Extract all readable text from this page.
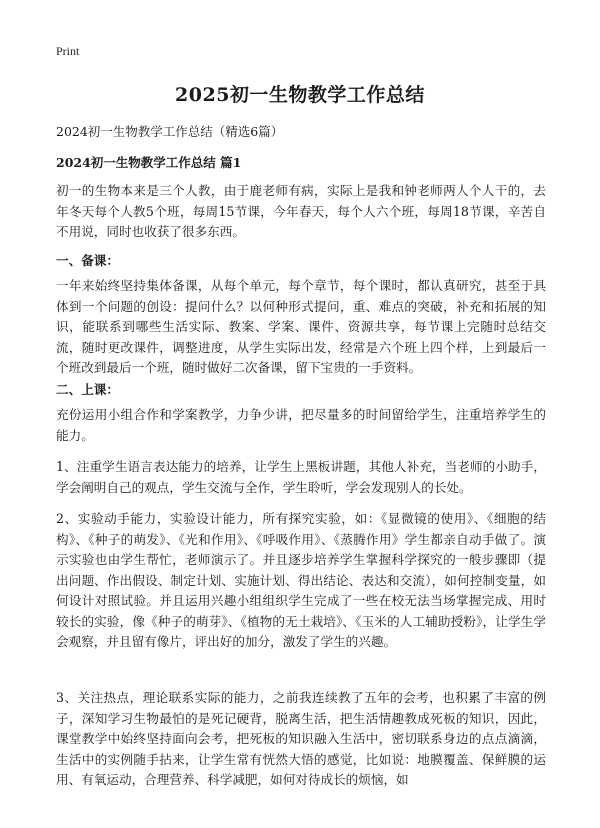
Print
2025初一生物教学工作总结
2024初一生物教学工作总结（精选6篇）
2024初一生物教学工作总结 篇1

初一的生物本来是三个人教，由于鹿老师有病，实际上是我和钟老师两人个人干的，去年冬天每个人教5个班，每周15节课，今年春天，每个人六个班，每周18节课，辛苦自不用说，同时也收获了很多东西。

一、备课：

一年来始终坚持集体备课，从每个单元，每个章节，每个课时，都认真研究，甚至于具体到一个问题的创设：提问什么？以何种形式提问，重、难点的突破，补充和拓展的知识，能联系到哪些生活实际、教案、学案、课件、资源共享，每节课上完随时总结交流，随时更改课件，调整进度，从学生实际出发，经常是六个班上四个样，上到最后一个班改到最后一个班，随时做好二次备课，留下宝贵的一手资料。

二、上课：

充份运用小组合作和学案教学，力争少讲，把尽量多的时间留给学生，注重培养学生的能力。

1、注重学生语言表达能力的培养，让学生上黑板讲题，其他人补充，当老师的小助手，学会阐明自己的观点，学生交流与全作，学生聆听，学会发现别人的长处。

2、实验动手能力，实验设计能力，所有探究实验，如：《显微镜的使用》、《细胞的结构》、《种子的萌发》、《光和作用》、《呼吸作用》、《蒸腾作用》学生都亲自动手做了。演示实验也由学生帮忙，老师演示了。并且逐步培养学生掌握科学探究的一般步骤即（提出问题、作出假设、制定计划、实施计划、得出结论、表达和交流），如何控制变量，如何设计对照试验。并且运用兴趣小组组织学生完成了一些在校无法当场掌握完成、用时较长的实验，像《种子的萌芽》、《植物的无土栽培》、《玉米的人工辅助授粉》，让学生学会观察，并且留有像片，评出好的加分，激发了学生的兴趣。

3、关注热点，理论联系实际的能力，之前我连续教了五年的会考，也积累了丰富的例子，深知学习生物最怕的是死记硬背，脱离生活，把生活情趣教成死板的知识，因此，课堂教学中始终坚持面向会考，把死板的知识融入生活中，密切联系身边的点点滴滴，生活中的实例随手拈来，让学生常有恍然大悟的感觉，比如说：地膜覆盖、保鲜膜的运用、有氧运动，合理营养、科学减肥，如何对待成长的烦恼，如
